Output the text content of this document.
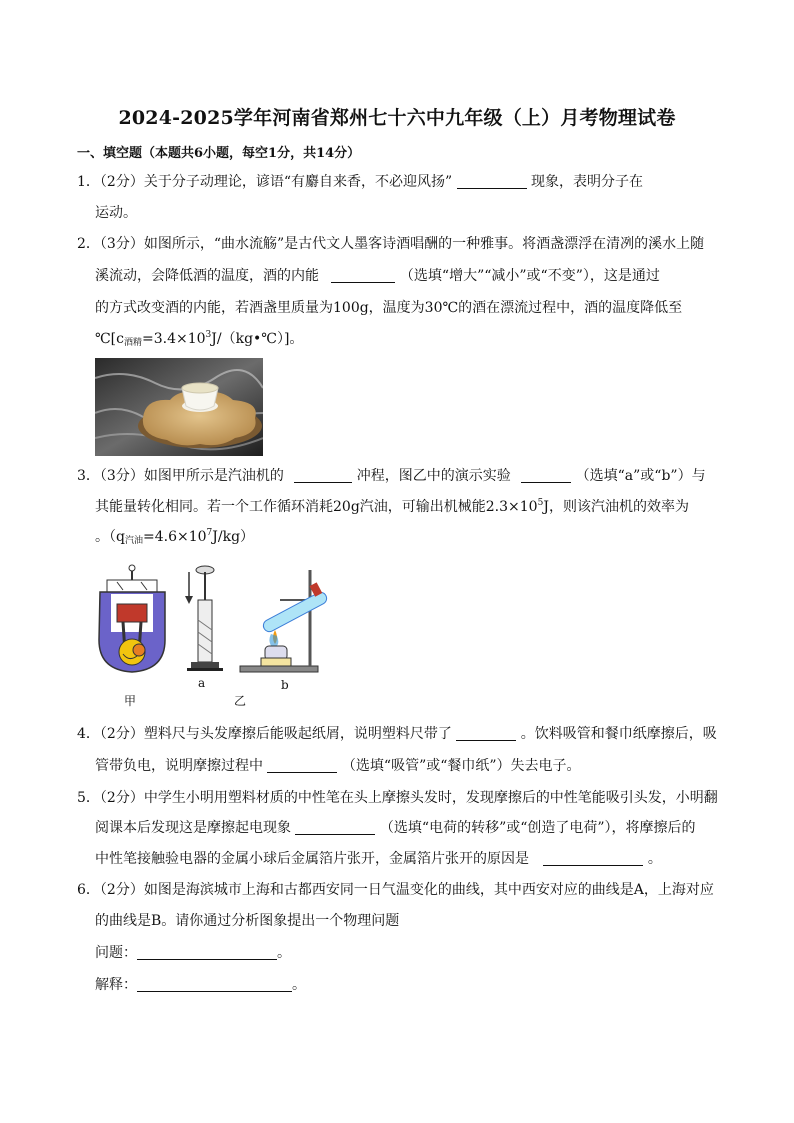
2024-2025学年河南省郑州七十六中九年级（上）月考物理试卷
一、填空题（本题共6小题，每空1分，共14分）
1．（2分）关于分子动理论，谚语“有麝自来香，不必迎风扬”	现象，表明分子在
运动。
2．（3分）如图所示，“曲水流觞”是古代文人墨客诗酒唱酬的一种雅事。将酒盏漂浮在清冽的溪水上随
溪流动，会降低酒的温度，酒的内能	（选填“增大”“减小”或“不变”），这是通过
的方式改变酒的内能，若酒盏里质量为100g，温度为30℃的酒在漂流过程中，酒的温度降低至
$℃[c_{酒精}=3.4\times 10^3J/(kg•℃)]$。
3．（3分）如图甲所示是汽油机的	冲程，图乙中的演示实验	（选填“a”或“b”）与
其能量转化相同。若一个工作循环消耗20g汽油，可输出机械能$2.3\times 10^5J$，则该汽油机的效率为
。$(q_{汽油}=4.6\times 10^7J/kg)$
甲
a
乙
b
4．（2分）塑料尺与头发摩擦后能吸起纸屑，说明塑料尺带了	。饮料吸管和餐巾纸摩擦后，吸
管带负电，说明摩擦过程中	（选填“吸管”或“餐巾纸”）失去电子。
5．（2分）中学生小明用塑料材质的中性笔在头上摩擦头发时，发现摩擦后的中性笔能吸引头发，小明翻
阅课本后发现这是摩擦起电现象	（选填“电荷的转移”或“创造了电荷”），将摩擦后的
中性笔接触验电器的金属小球后金属箔片张开，金属箔片张开的原因是	。
6．（2分）如图是海滨城市上海和古都西安同一日气温变化的曲线，其中西安对应的曲线是A，上海对应
的曲线是B。请你通过分析图象提出一个物理问题
问题：	。
解释：	。
